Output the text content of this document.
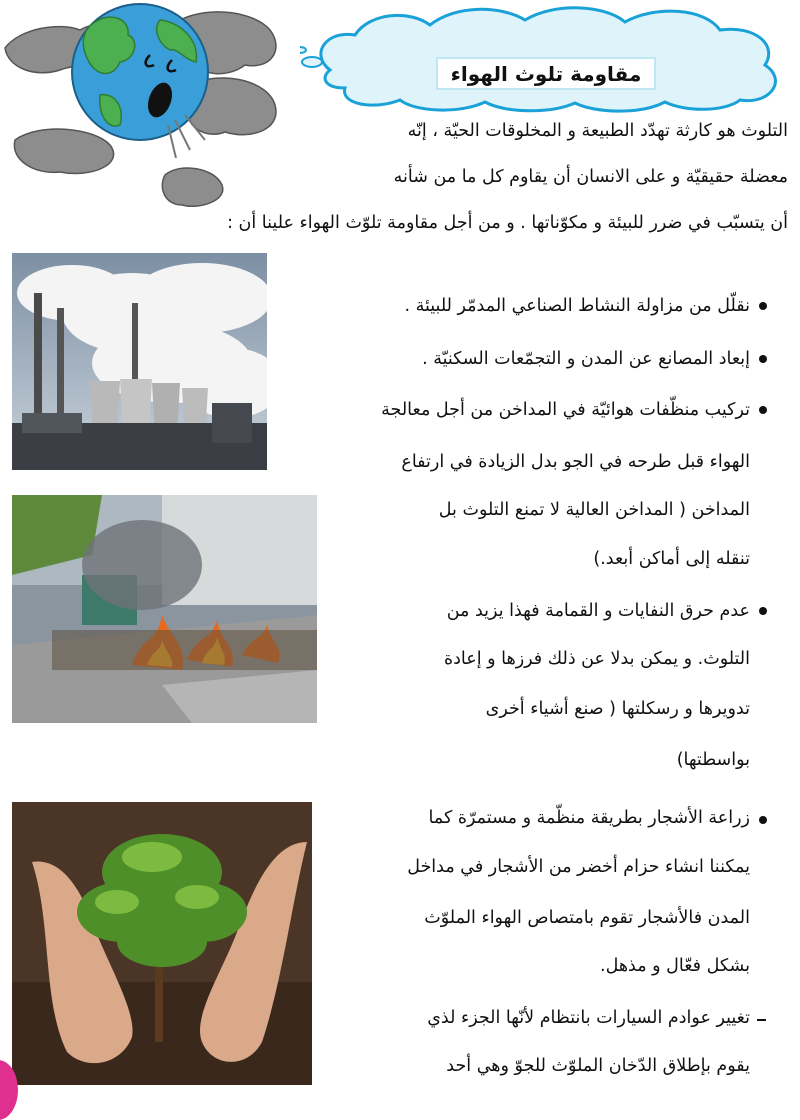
مقاومة تلوث الهواء
التلوث هو كارثة تهدّد الطبيعة و المخلوقات الحيّة ، إنّه
معضلة حقيقيّة و على الانسان أن يقاوم كل ما من شأنه
أن يتسبّب في ضرر للبيئة و مكوّناتها . و من أجل مقاومة تلوّث الهواء علينا أن :
نقلّل من مزاولة النشاط الصناعي المدمّر للبيئة .
إبعاد المصانع عن المدن و التجمّعات السكنيّة .
تركيب منظّفات هوائيّة في المداخن من أجل معالجة
الهواء قبل طرحه في الجو بدل الزيادة في ارتفاع
المداخن ( المداخن العالية لا تمنع التلوث بل
تنقله إلى أماكن أبعد.)
عدم حرق النفايات و القمامة فهذا يزيد من
التلوث. و يمكن بدلا عن ذلك فرزها و إعادة
تدويرها و رسكلتها ( صنع أشياء أخرى
بواسطتها)
زراعة الأشجار بطريقة منظّمة و مستمرّة كما
يمكننا انشاء حزام أخضر من الأشجار في مداخل
المدن فالأشجار تقوم بامتصاص الهواء الملوّث
بشكل فعّال و مذهل.
تغيير عوادم السيارات بانتظام لأنّها الجزء لذي
يقوم بإطلاق الدّخان الملوّث للجوّ وهي أحد
